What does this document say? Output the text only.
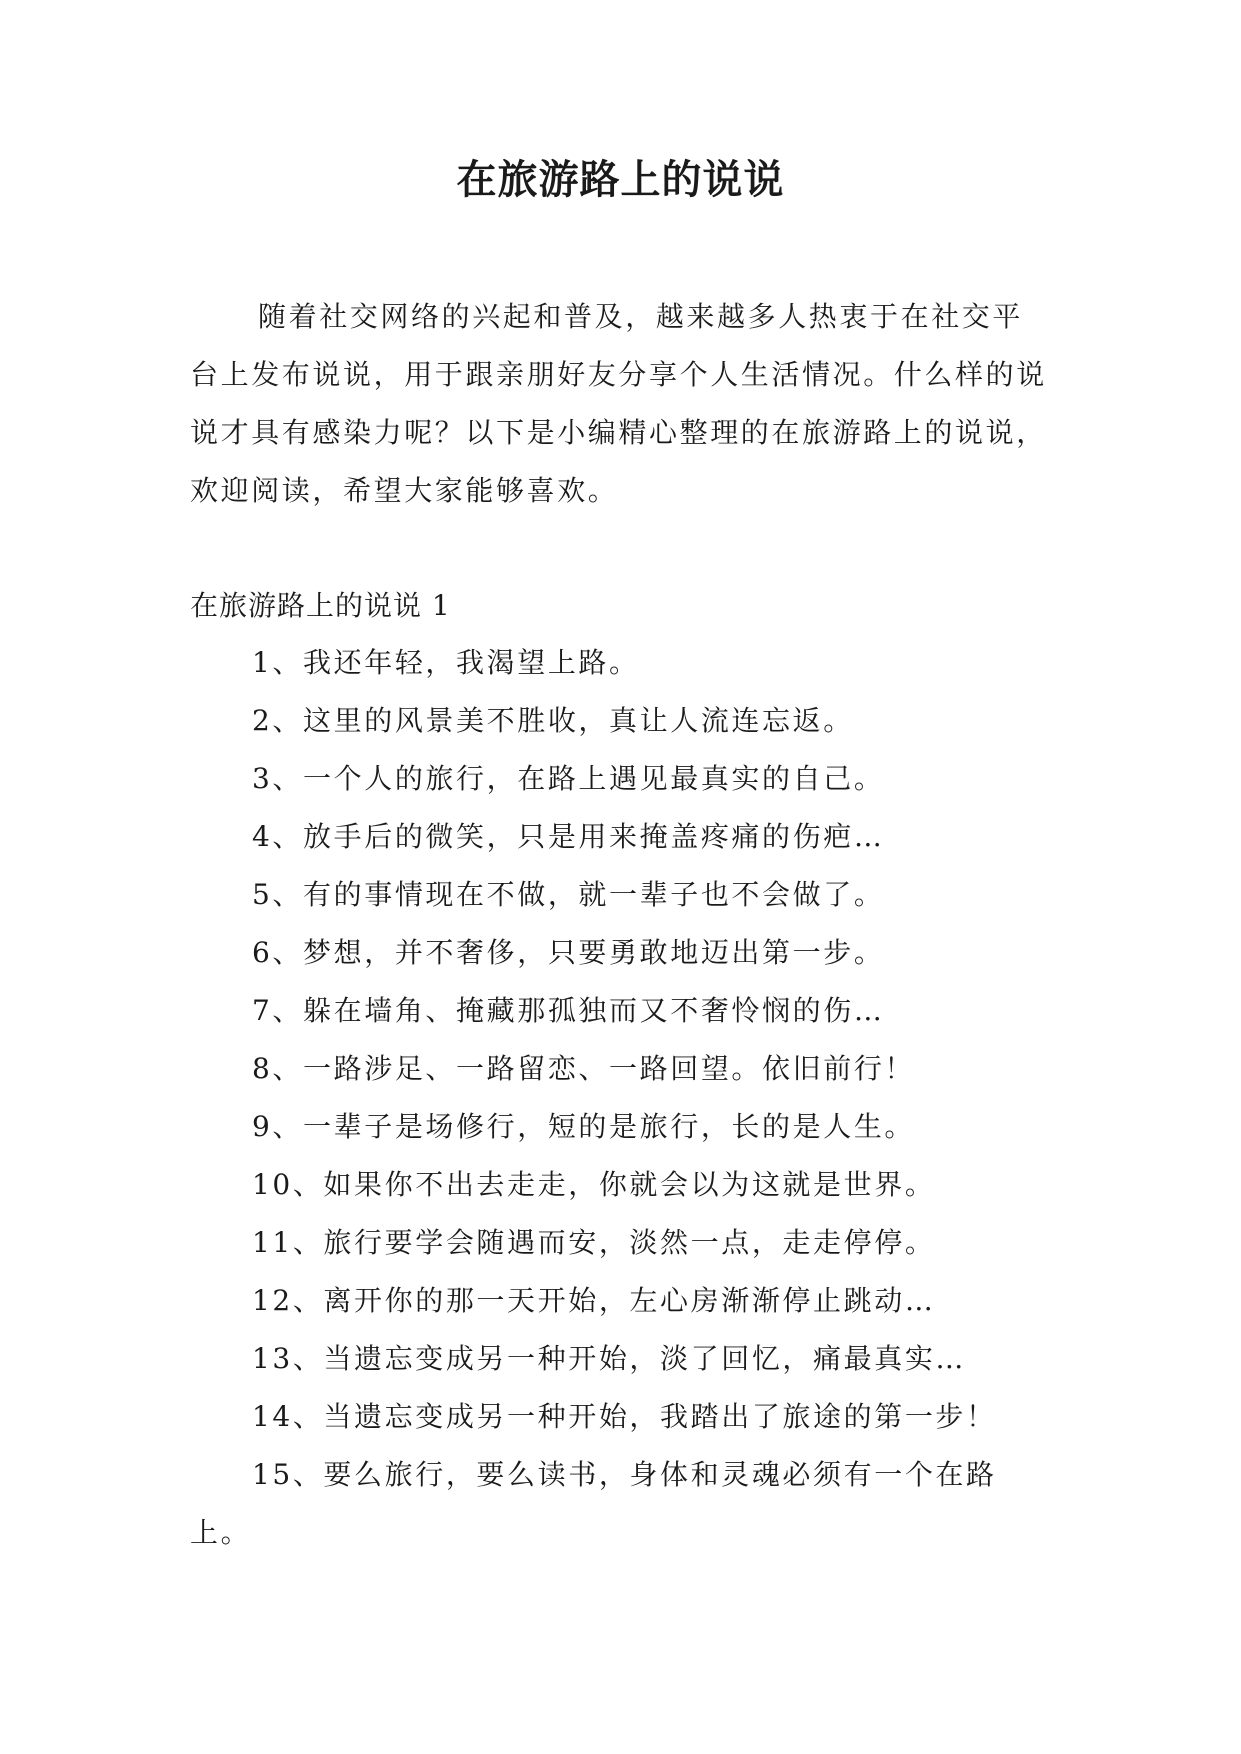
在旅游路上的说说

随着社交网络的兴起和普及，越来越多人热衷于在社交平台上发布说说，用于跟亲朋好友分享个人生活情况。什么样的说说才具有感染力呢？以下是小编精心整理的在旅游路上的说说，欢迎阅读，希望大家能够喜欢。

在旅游路上的说说 1
1、我还年轻，我渴望上路。
2、这里的风景美不胜收，真让人流连忘返。
3、一个人的旅行，在路上遇见最真实的自己。
4、放手后的微笑，只是用来掩盖疼痛的伤疤…
5、有的事情现在不做，就一辈子也不会做了。
6、梦想，并不奢侈，只要勇敢地迈出第一步。
7、躲在墙角、掩藏那孤独而又不奢怜悯的伤…
8、一路涉足、一路留恋、一路回望。依旧前行！
9、一辈子是场修行，短的是旅行，长的是人生。
10、如果你不出去走走，你就会以为这就是世界。
11、旅行要学会随遇而安，淡然一点，走走停停。
12、离开你的那一天开始，左心房渐渐停止跳动…
13、当遗忘变成另一种开始，淡了回忆，痛最真实…
14、当遗忘变成另一种开始，我踏出了旅途的第一步！
15、要么旅行，要么读书，身体和灵魂必须有一个在路上。
